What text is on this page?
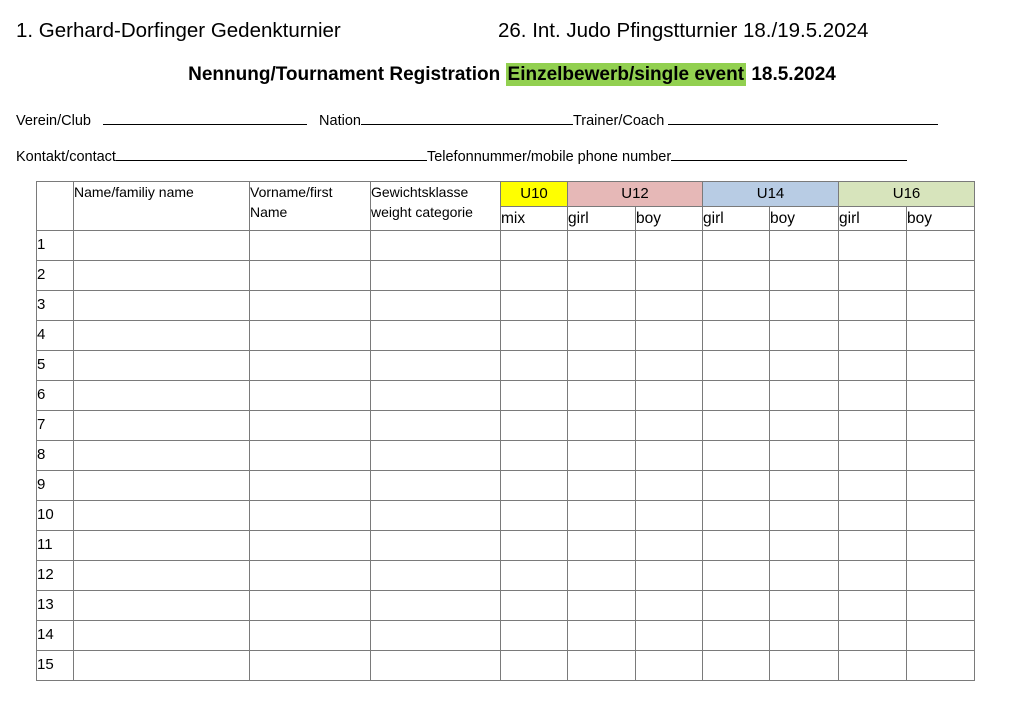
1. Gerhard-Dorfinger Gedenkturnier	26. Int. Judo Pfingstturnier 18./19.5.2024
Nennung/Tournament Registration Einzelbewerb/single event 18.5.2024
Verein/Club	Nation	Trainer/Coach
Kontakt/contact	Telefonnummer/mobile phone number
	Name/familiy name	Vorname/first Name	Gewichtsklasse weight categorie	U10	U12		U14		U16	
				mix	girl	boy	girl	boy	girl	boy
1										
2										
3										
4										
5										
6										
7										
8										
9										
10										
11										
12										
13										
14										
15										
